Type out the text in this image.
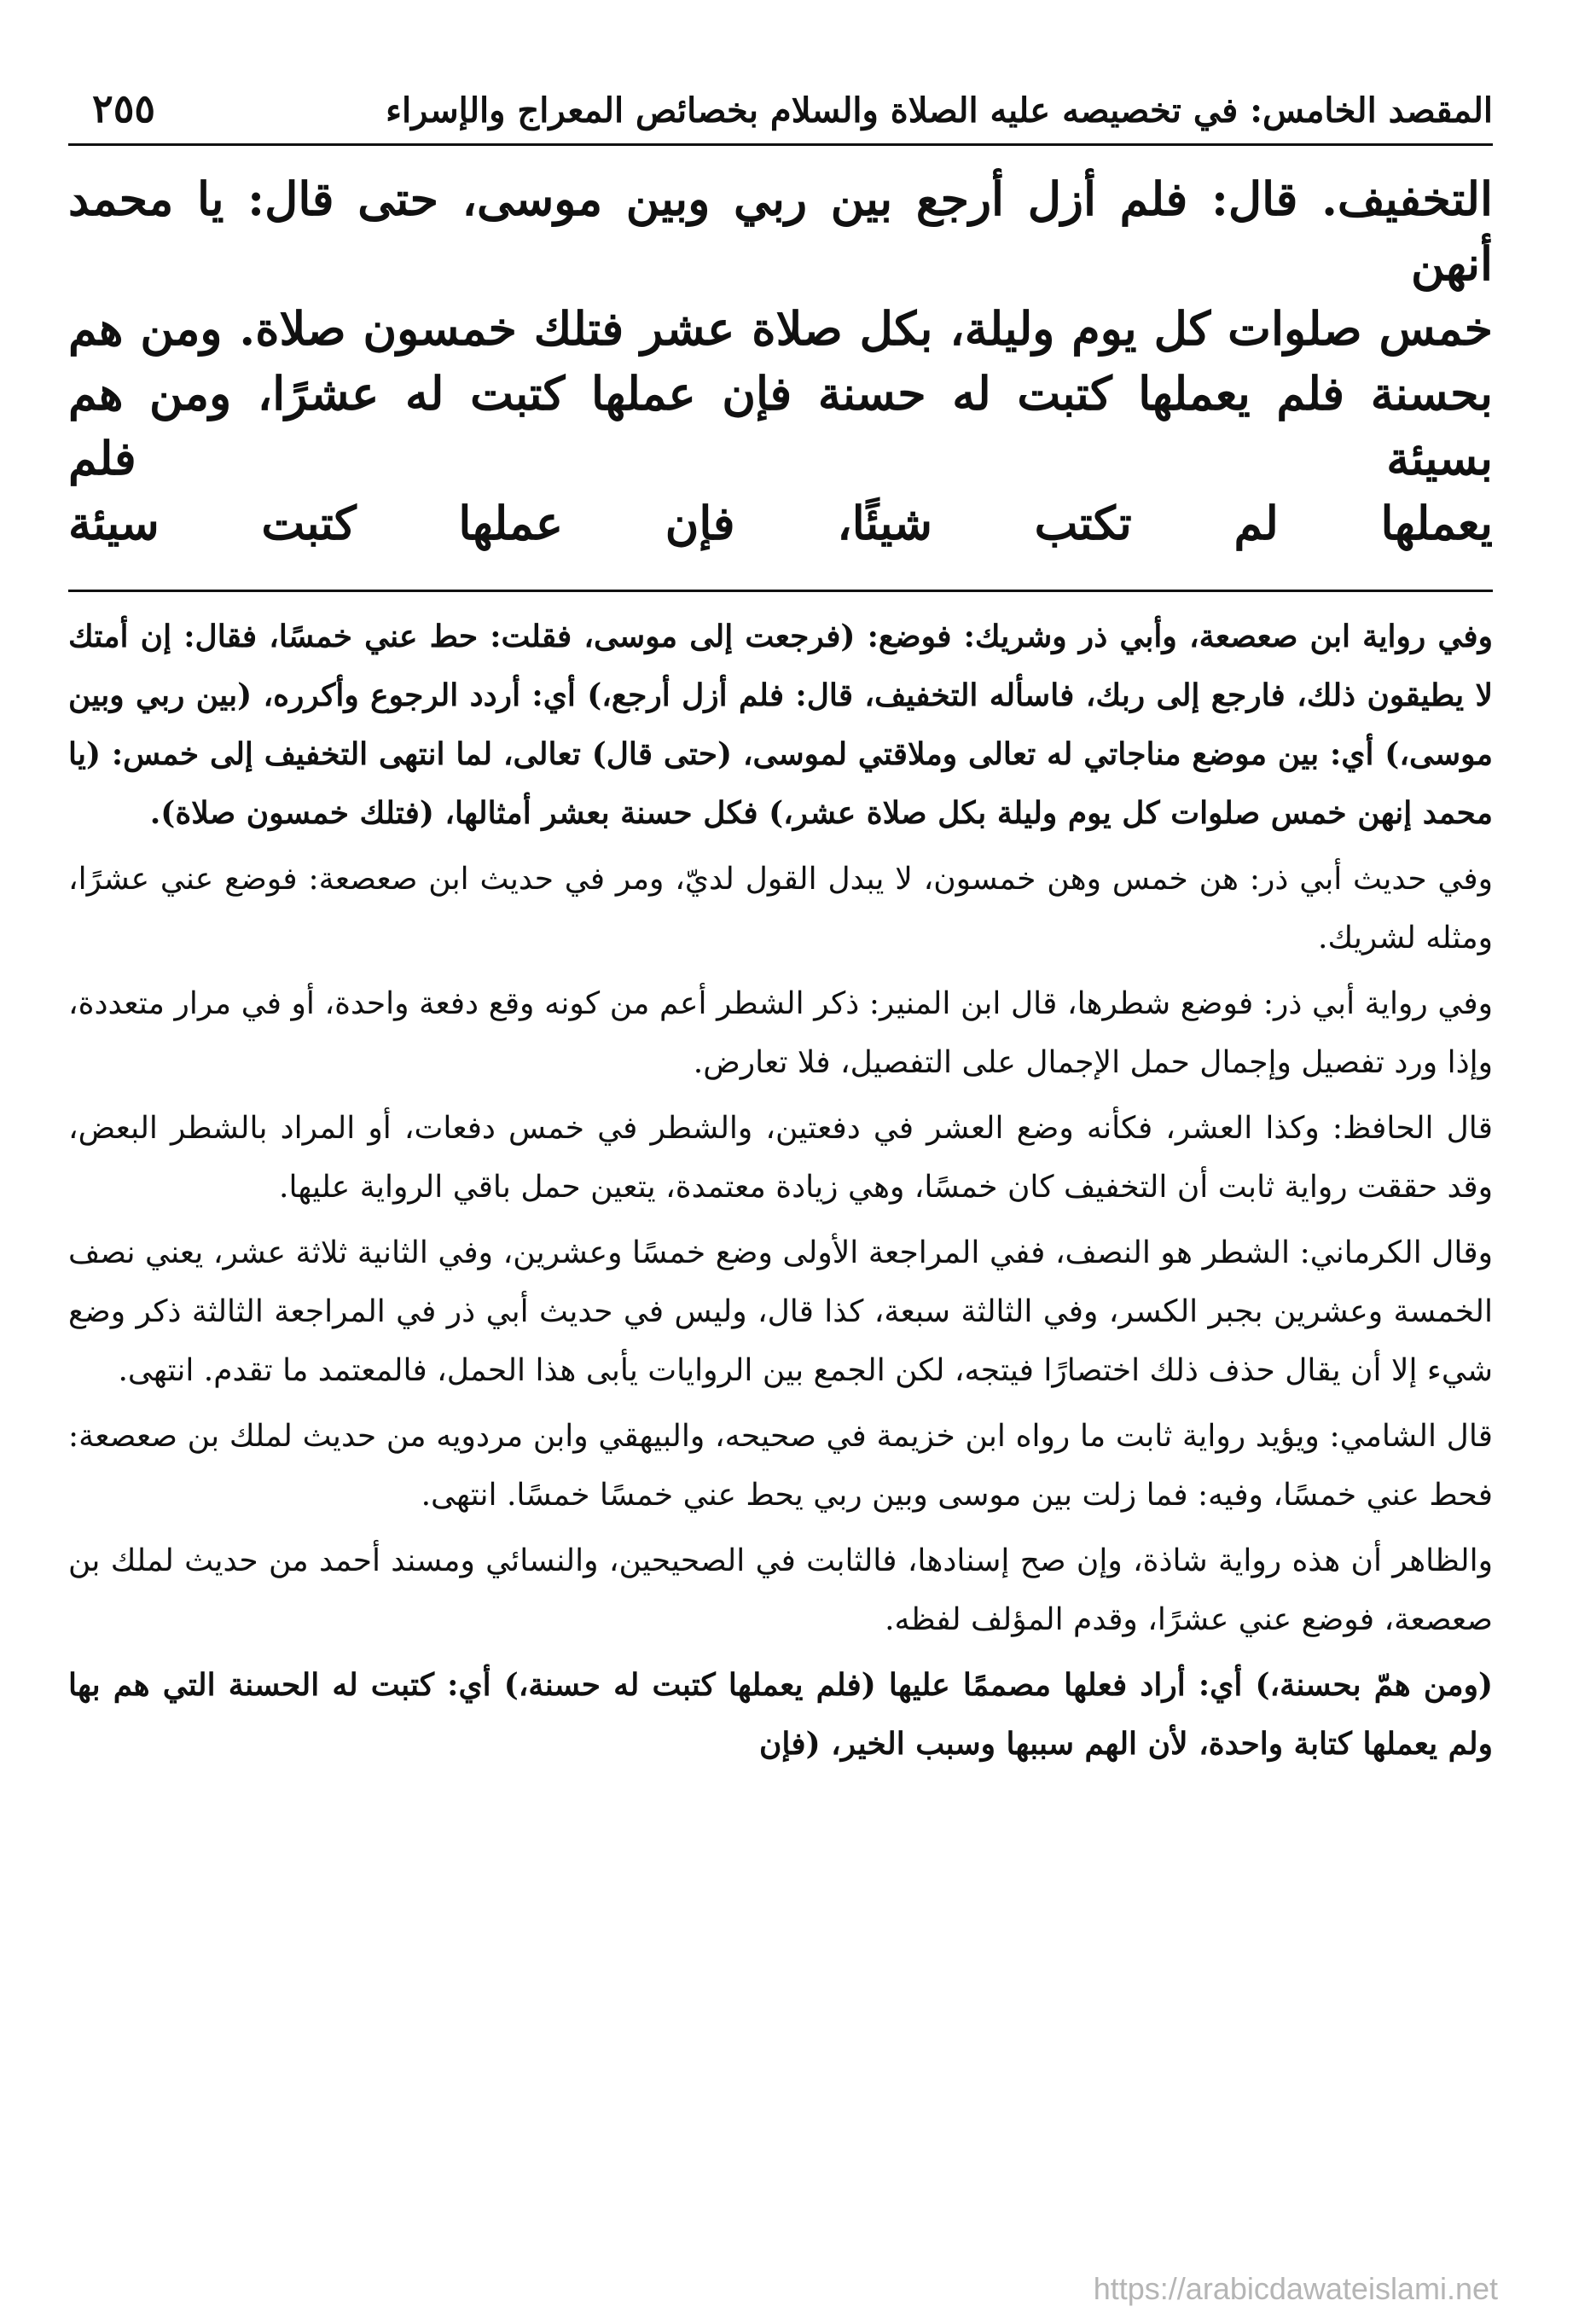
المقصد الخامس: في تخصيصه عليه الصلاة والسلام بخصائص المعراج والإسراء
٢٥٥

التخفيف. قال: فلم أزل أرجع بين ربي وبين موسى، حتى قال: يا محمد أنهن

خمس صلوات كل يوم وليلة، بكل صلاة عشر فتلك خمسون صلاة. ومن هم

بحسنة فلم يعملها كتبت له حسنة فإن عملها كتبت له عشرًا، ومن هم بسيئة فلم

يعملها لم تكتب شيئًا، فإن عملها كتبت سيئة

وفي رواية ابن صعصعة، وأبي ذر وشريك: فوضع: (فرجعت إلى موسى، فقلت: حط عني خمسًا، فقال: إن أمتك لا يطيقون ذلك، فارجع إلى ربك، فاسأله التخفيف، قال: فلم أزل أرجع،) أي: أردد الرجوع وأكرره، (بين ربي وبين موسى،) أي: بين موضع مناجاتي له تعالى وملاقتي لموسى، (حتى قال) تعالى، لما انتهى التخفيف إلى خمس: (يا محمد إنهن خمس صلوات كل يوم وليلة بكل صلاة عشر،) فكل حسنة بعشر أمثالها، (فتلك خمسون صلاة).

وفي حديث أبي ذر: هن خمس وهن خمسون، لا يبدل القول لديّ، ومر في حديث ابن صعصعة: فوضع عني عشرًا، ومثله لشريك.

وفي رواية أبي ذر: فوضع شطرها، قال ابن المنير: ذكر الشطر أعم من كونه وقع دفعة واحدة، أو في مرار متعددة، وإذا ورد تفصيل وإجمال حمل الإجمال على التفصيل، فلا تعارض.

قال الحافظ: وكذا العشر، فكأنه وضع العشر في دفعتين، والشطر في خمس دفعات، أو المراد بالشطر البعض، وقد حققت رواية ثابت أن التخفيف كان خمسًا، وهي زيادة معتمدة، يتعين حمل باقي الرواية عليها.

وقال الكرماني: الشطر هو النصف، ففي المراجعة الأولى وضع خمسًا وعشرين، وفي الثانية ثلاثة عشر، يعني نصف الخمسة وعشرين بجبر الكسر، وفي الثالثة سبعة، كذا قال، وليس في حديث أبي ذر في المراجعة الثالثة ذكر وضع شيء إلا أن يقال حذف ذلك اختصارًا فيتجه، لكن الجمع بين الروايات يأبى هذا الحمل، فالمعتمد ما تقدم. انتهى.

قال الشامي: ويؤيد رواية ثابت ما رواه ابن خزيمة في صحيحه، والبيهقي وابن مردويه من حديث لملك بن صعصعة: فحط عني خمسًا، وفيه: فما زلت بين موسى وبين ربي يحط عني خمسًا خمسًا. انتهى.

والظاهر أن هذه رواية شاذة، وإن صح إسنادها، فالثابت في الصحيحين، والنسائي ومسند أحمد من حديث لملك بن صعصعة، فوضع عني عشرًا، وقدم المؤلف لفظه.

(ومن همّ بحسنة،) أي: أراد فعلها مصممًا عليها (فلم يعملها كتبت له حسنة،) أي: كتبت له الحسنة التي هم بها ولم يعملها كتابة واحدة، لأن الهم سببها وسبب الخير، (فإن

https://arabicdawateislami.net
